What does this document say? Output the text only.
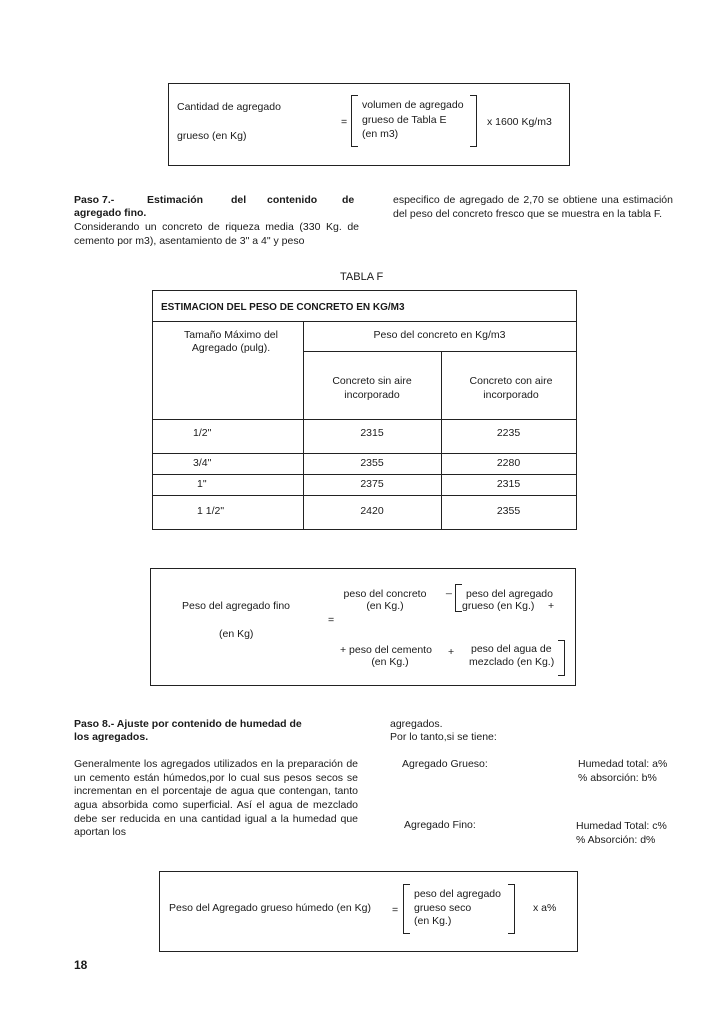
Cantidad de agregado
grueso (en Kg)
=
volumen de agregado
grueso de Tabla E
(en m3)
x 1600 Kg/m3
Paso 7.-	Estimación	del contenido de
agregado fino.
Considerando un concreto de riqueza media (330 Kg. de cemento por m3), asentamiento de 3" a 4" y peso
especifico de agregado de 2,70 se obtiene una estimación del peso del concreto fresco que se muestra en la tabla F.
TABLA F
ESTIMACION DEL PESO DE CONCRETO EN KG/M3
Tamaño Máximo del Agregado (pulg).
Peso del concreto en Kg/m3
Concreto sin aire incorporado
Concreto con aire incorporado
1/2"	2315	2235
3/4"	2355	2280
1"	2375	2315
1 1/2"	2420	2355
Peso del agregado fino
(en Kg)
=
peso del concreto
(en Kg.)
_ peso del agregado
grueso (en Kg.) +
+ peso del cemento
(en Kg.)
+ peso del agua de
mezclado (en Kg.)
Paso 8.- Ajuste por contenido de humedad de
los agregados.
Generalmente los agregados utilizados en la preparación de un cemento están húmedos,por lo cual sus pesos secos se incrementan en el porcentaje de agua que contengan, tanto agua absorbida como superficial. Así el agua de mezclado debe ser reducida en una cantidad igual a la humedad que aportan los
agregados.
Por lo tanto,si se tiene:
Agregado Grueso:	Humedad total: a%
% absorción: b%
Agregado Fino:	Humedad Total: c%
% Absorción: d%
Peso del Agregado grueso húmedo (en Kg) =
peso del agregado
grueso seco
(en Kg.)
x a%
18
